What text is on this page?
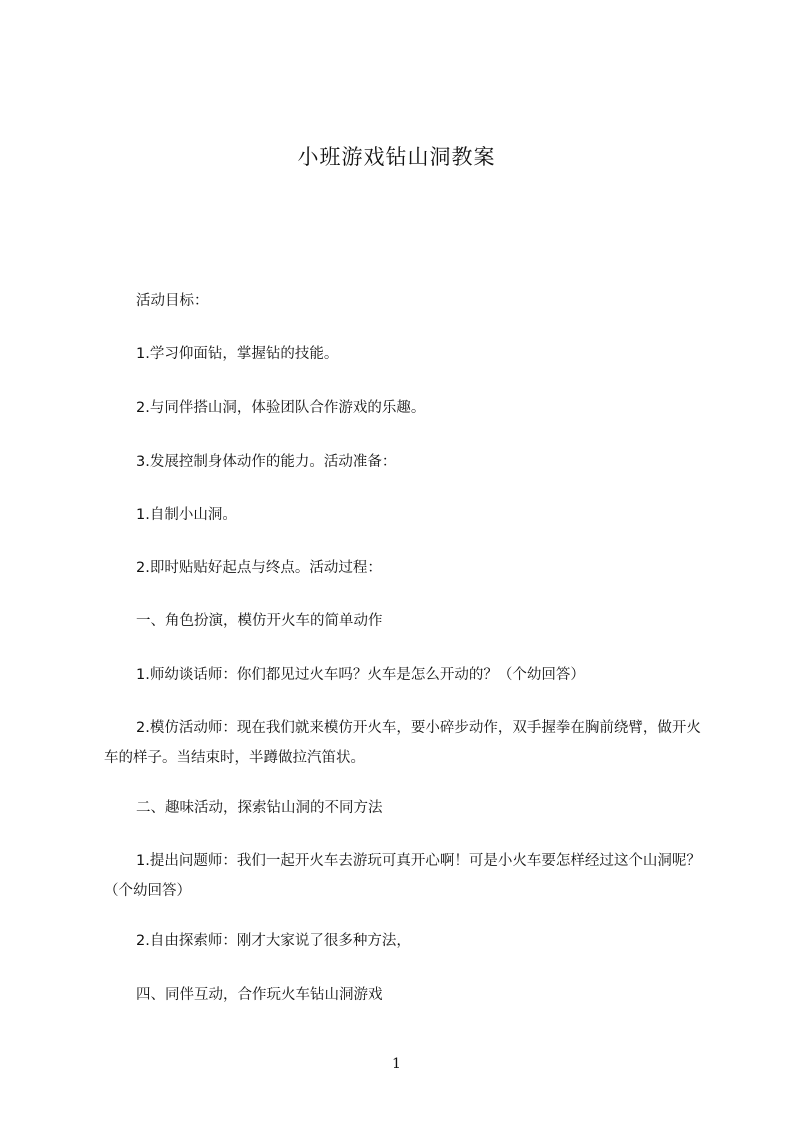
小班游戏钻山洞教案

活动目标：

1.学习仰面钻，掌握钻的技能。

2.与同伴搭山洞，体验团队合作游戏的乐趣。

3.发展控制身体动作的能力。活动准备：

1.自制小山洞。

2.即时贴贴好起点与终点。活动过程：

一、角色扮演，模仿开火车的简单动作

1.师幼谈话师：你们都见过火车吗？火车是怎么开动的？（个幼回答）

2.模仿活动师：现在我们就来模仿开火车，要小碎步动作，双手握拳在胸前绕臂，做开火车的样子。当结束时，半蹲做拉汽笛状。

二、趣味活动，探索钻山洞的不同方法

1.提出问题师：我们一起开火车去游玩可真开心啊！可是小火车要怎样经过这个山洞呢？（个幼回答）

2.自由探索师：刚才大家说了很多种方法，

四、同伴互动，合作玩火车钻山洞游戏

1
